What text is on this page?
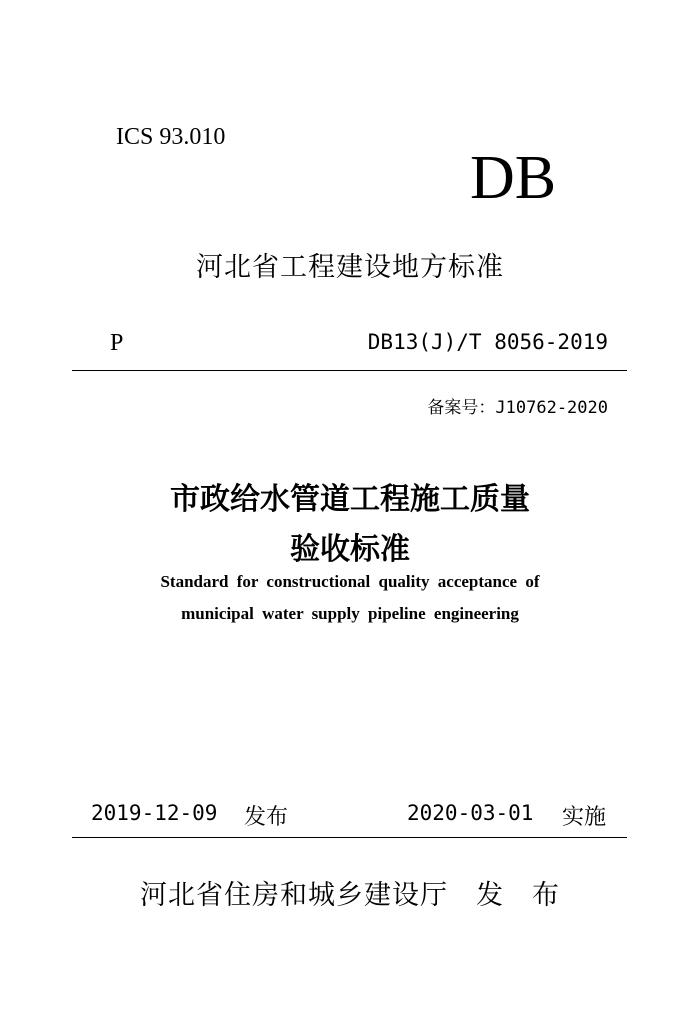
ICS 93.010
DB
河北省工程建设地方标准
P	DB13(J)/T 8056-2019
备案号：J10762-2020
市政给水管道工程施工质量
验收标准
Standard for constructional quality acceptance of
municipal water supply pipeline engineering
2019-12-09 发布	2020-03-01 实施
河北省住房和城乡建设厅　发　布
